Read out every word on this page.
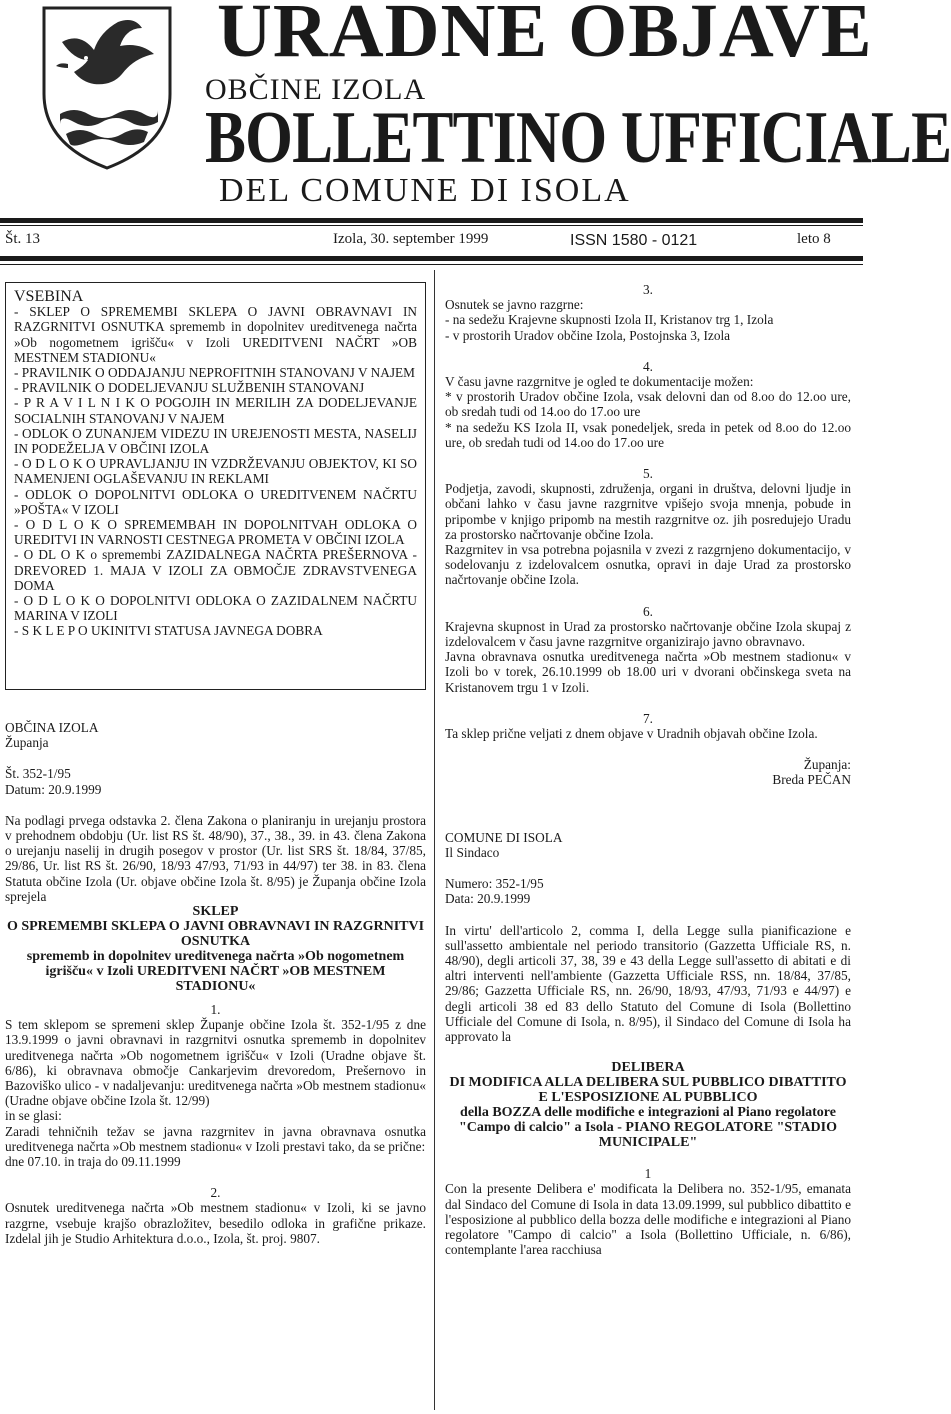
URADNE OBJAVE
OBČINE IZOLA
BOLLETTINO UFFICIALE
DEL COMUNE DI ISOLA
Št. 13	Izola, 30. september 1999	ISSN 1580 - 0121	leto 8
VSEBINA
- SKLEP O SPREMEMBI SKLEPA O JAVNI OBRAVNAVI IN RAZGRNITVI OSNUTKA sprememb in dopolnitev ureditvenega načrta »Ob nogometnem igrišču« v Izoli UREDITVENI NAČRT »OB MESTNEM STADIONU«
- PRAVILNIK O ODDAJANJU NEPROFITNIH STANOVANJ V NAJEM
- PRAVILNIK O DODELJEVANJU SLUŽBENIH STANOVANJ
- P R A V I L N I K O POGOJIH IN MERILIH ZA DODELJEVANJE SOCIALNIH STANOVANJ V NAJEM
- ODLOK O ZUNANJEM VIDEZU IN UREJENOSTI MESTA, NASELIJ IN PODEŽELJA V OBČINI IZOLA
- O D L O K O UPRAVLJANJU IN VZDRŽEVANJU OBJEKTOV, KI SO NAMENJENI OGLAŠEVANJU IN REKLAMI
- ODLOK O DOPOLNITVI ODLOKA O UREDITVENEM NAČRTU »POŠTA« V IZOLI
- O D L O K O SPREMEMBAH IN DOPOLNITVAH ODLOKA O UREDITVI IN VARNOSTI CESTNEGA PROMETA V OBČINI IZOLA
- O DL O K o spremembi ZAZIDALNEGA NAČRTA PREŠERNOVA - DREVORED 1. MAJA V IZOLI ZA OBMOČJE ZDRAVSTVENEGA DOMA
- O D L O K O DOPOLNITVI ODLOKA O ZAZIDALNEM NAČRTU MARINA V IZOLI
- S K L E P O UKINITVI STATUSA JAVNEGA DOBRA

OBČINA IZOLA

Županja

Št. 352-1/95

Datum: 20.9.1999

Na podlagi prvega odstavka 2. člena Zakona o planiranju in urejanju prostora v prehodnem obdobju (Ur. list RS št. 48/90), 37., 38., 39. in 43. člena Zakona o urejanju naselij in drugih posegov v prostor (Ur. list SRS št. 18/84, 37/85, 29/86, Ur. list RS št. 26/90, 18/93 47/93, 71/93 in 44/97) ter 38. in 83. člena Statuta občine Izola (Ur. objave občine Izola št. 8/95) je Županja občine Izola sprejela

SKLEP

O SPREMEMBI SKLEPA O JAVNI OBRAVNAVI IN RAZGRNITVI OSNUTKA

sprememb in dopolnitev ureditvenega načrta »Ob nogometnem igrišču« v Izoli UREDITVENI NAČRT »OB MESTNEM STADIONU«

1.

S tem sklepom se spremeni sklep Županje občine Izola št. 352-1/95 z dne 13.9.1999 o javni obravnavi in razgrnitvi osnutka sprememb in dopolnitev ureditvenega načrta »Ob nogometnem igrišču« v Izoli (Uradne objave št. 6/86), ki obravnava območje Cankarjevim drevoredom, Prešernovo in Bazoviško ulico - v nadaljevanju: ureditvenega načrta »Ob mestnem stadionu« (Uradne objave občine Izola št. 12/99)

in se glasi:

Zaradi tehničnih težav se javna razgrnitev in javna obravnava osnutka ureditvenega načrta »Ob mestnem stadionu« v Izoli prestavi tako, da se prične:

dne 07.10. in traja do 09.11.1999

2.

Osnutek ureditvenega načrta »Ob mestnem stadionu« v Izoli, ki se javno razgrne, vsebuje krajšo obrazložitev, besedilo odloka in grafične prikaze. Izdelal jih je Studio Arhitektura d.o.o., Izola, št. proj. 9807.

3.

Osnutek se javno razgrne:

- na sedežu Krajevne skupnosti Izola II, Kristanov trg 1, Izola

- v prostorih Uradov občine Izola, Postojnska 3, Izola

4.

V času javne razgrnitve je ogled te dokumentacije možen:

* v prostorih Uradov občine Izola, vsak delovni dan od 8.oo do 12.oo ure, ob sredah tudi od 14.oo do 17.oo ure

* na sedežu KS Izola II, vsak ponedeljek, sreda in petek od 8.oo do 12.oo ure, ob sredah tudi od 14.oo do 17.oo ure

5.

Podjetja, zavodi, skupnosti, združenja, organi in društva, delovni ljudje in občani lahko v času javne razgrnitve vpišejo svoja mnenja, pobude in pripombe v knjigo pripomb na mestih razgrnitve oz. jih posredujejo Uradu za prostorsko načrtovanje občine Izola.

Razgrnitev in vsa potrebna pojasnila v zvezi z razgrnjeno dokumentacijo, v sodelovanju z izdelovalcem osnutka, opravi in daje Urad za prostorsko načrtovanje občine Izola.

6.

Krajevna skupnost in Urad za prostorsko načrtovanje občine Izola skupaj z izdelovalcem v času javne razgrnitve organizirajo javno obravnavo.

Javna obravnava osnutka ureditvenega načrta »Ob mestnem stadionu« v Izoli bo v torek, 26.10.1999 ob 18.00 uri v dvorani občinskega sveta na Kristanovem trgu 1 v Izoli.

7.

Ta sklep prične veljati z dnem objave v Uradnih objavah občine Izola.

Županja:

Breda PEČAN

COMUNE DI ISOLA

Il Sindaco

Numero: 352-1/95

Data: 20.9.1999

In virtu' dell'articolo 2, comma I, della Legge sulla pianificazione e sull'assetto ambientale nel periodo transitorio (Gazzetta Ufficiale RS, n. 48/90), degli articoli 37, 38, 39 e 43 della Legge sull'assetto di abitati e di altri interventi nell'ambiente (Gazzetta Ufficiale RSS, nn. 18/84, 37/85, 29/86; Gazzetta Ufficiale RS, nn. 26/90, 18/93, 47/93, 71/93 e 44/97) e degli articoli 38 ed 83 dello Statuto del Comune di Isola (Bollettino Ufficiale del Comune di Isola, n. 8/95), il Sindaco del Comune di Isola ha approvato la

DELIBERA

DI MODIFICA ALLA DELIBERA SUL PUBBLICO DIBATTITO E L'ESPOSIZIONE AL PUBBLICO

della BOZZA delle modifiche e integrazioni al Piano regolatore "Campo di calcio" a Isola - PIANO REGOLATORE "STADIO MUNICIPALE"

1

Con la presente Delibera e' modificata la Delibera no. 352-1/95, emanata dal Sindaco del Comune di Isola in data 13.09.1999, sul pubblico dibattito e l'esposizione al pubblico della bozza delle modifiche e integrazioni al Piano regolatore "Campo di calcio" a Isola (Bollettino Ufficiale, n. 6/86), contemplante l'area racchiusa
